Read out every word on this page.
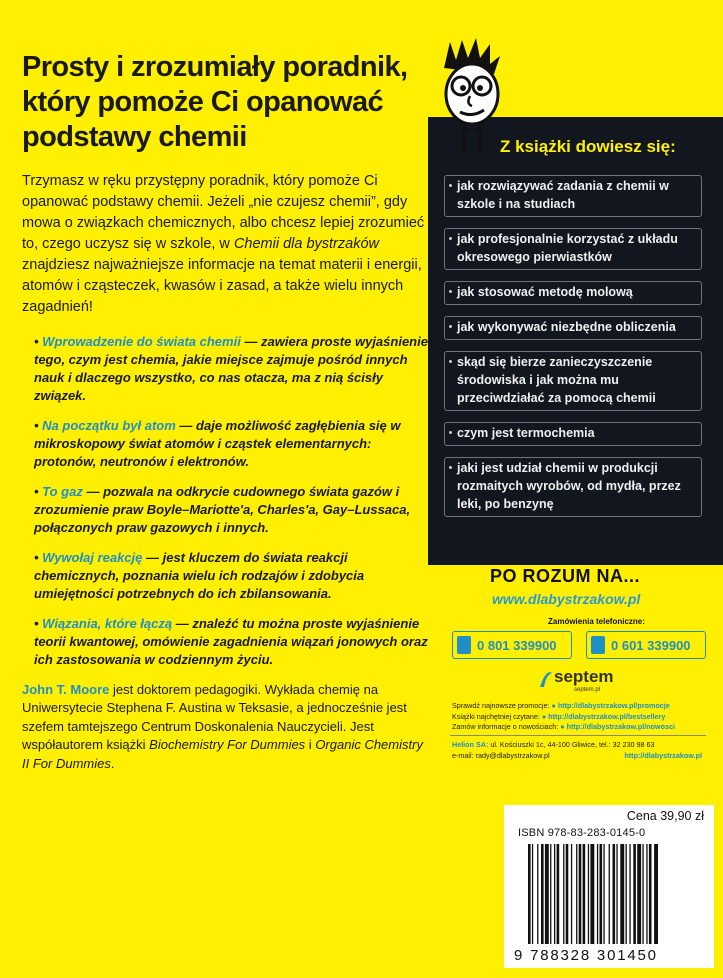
Prosty i zrozumiały poradnik,
który pomoże Ci opanować
podstawy chemii

Trzymasz w ręku przystępny poradnik, który pomoże Ci opanować podstawy chemii. Jeżeli „nie czujesz chemii”, gdy mowa o związkach chemicznych, albo chcesz lepiej zrozumieć to, czego uczysz się w szkole, w Chemii dla bystrzaków znajdziesz najważniejsze informacje na temat materii i energii, atomów i cząsteczek, kwasów i zasad, a także wielu innych zagadnień!

• Wprowadzenie do świata chemii — zawiera proste wyjaśnienie tego, czym jest chemia, jakie miejsce zajmuje pośród innych nauk i dlaczego wszystko, co nas otacza, ma z nią ścisły związek.
• Na początku był atom — daje możliwość zagłębienia się w mikroskopowy świat atomów i cząstek elementarnych: protonów, neutronów i elektronów.
• To gaz — pozwala na odkrycie cudownego świata gazów i zrozumienie praw Boyle–Mariotte'a, Charles'a, Gay–Lussaca, połączonych praw gazowych i innych.
• Wywołaj reakcję — jest kluczem do świata reakcji chemicznych, poznania wielu ich rodzajów i zdobycia umiejętności potrzebnych do ich zbilansowania.
• Wiązania, które łączą — znaleźć tu można proste wyjaśnienie teorii kwantowej, omówienie zagadnienia wiązań jonowych oraz ich zastosowania w codziennym życiu.

John T. Moore jest doktorem pedagogiki. Wykłada chemię na Uniwersytecie Stephena F. Austina w Teksasie, a jednocześnie jest szefem tamtejszego Centrum Doskonalenia Nauczycieli. Jest współautorem książki Biochemistry For Dummies i Organic Chemistry II For Dummies.

Z książki dowiesz się:
jak rozwiązywać zadania z chemii w szkole i na studiach
jak profesjonalnie korzystać z układu okresowego pierwiastków
jak stosować metodę molową
jak wykonywać niezbędne obliczenia
skąd się bierze zanieczyszczenie środowiska i jak można mu przeciwdziałać za pomocą chemii
czym jest termochemia
jaki jest udział chemii w produkcji rozmaitych wyrobów, od mydła, przez leki, po benzynę
PO ROZUM NA...
www.dlabystrzakow.pl
Zamówienia telefoniczne:
0 801 339900	0 601 339900
septem
septem.pl
Sprawdź najnowsze promocje: ● http://dlabystrzakow.pl/promocje
Książki najchętniej czytane: ● http://dlabystrzakow.pl/bestsellery
Zamów informacje o nowościach: ● http://dlabystrzakow.pl/nowosci
Helion SA: ul. Kościuszki 1c, 44-100 Gliwice, tel.: 32 230 98 63
e-mail: rady@dlabystrzakow.pl	http://dlabystrzakow.pl
Cena 39,90 zł
ISBN 978-83-283-0145-0
9 788328 301450
